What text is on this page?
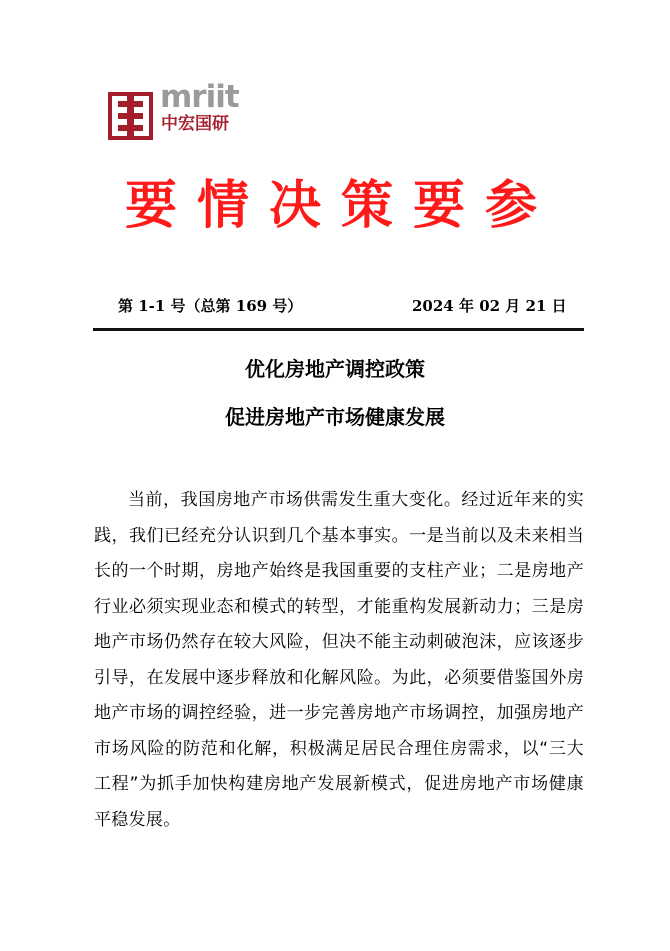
mriit
中宏国研
要情决策要参
第 1-1 号（总第 169 号）	2024 年 02 月 21 日
优化房地产调控政策
促进房地产市场健康发展

当前，我国房地产市场供需发生重大变化。经过近年来的实践，我们已经充分认识到几个基本事实。一是当前以及未来相当长的一个时期，房地产始终是我国重要的支柱产业；二是房地产行业必须实现业态和模式的转型，才能重构发展新动力；三是房地产市场仍然存在较大风险，但决不能主动刺破泡沫，应该逐步引导，在发展中逐步释放和化解风险。为此，必须要借鉴国外房地产市场的调控经验，进一步完善房地产市场调控，加强房地产市场风险的防范和化解，积极满足居民合理住房需求，以“三大工程”为抓手加快构建房地产发展新模式，促进房地产市场健康平稳发展。
